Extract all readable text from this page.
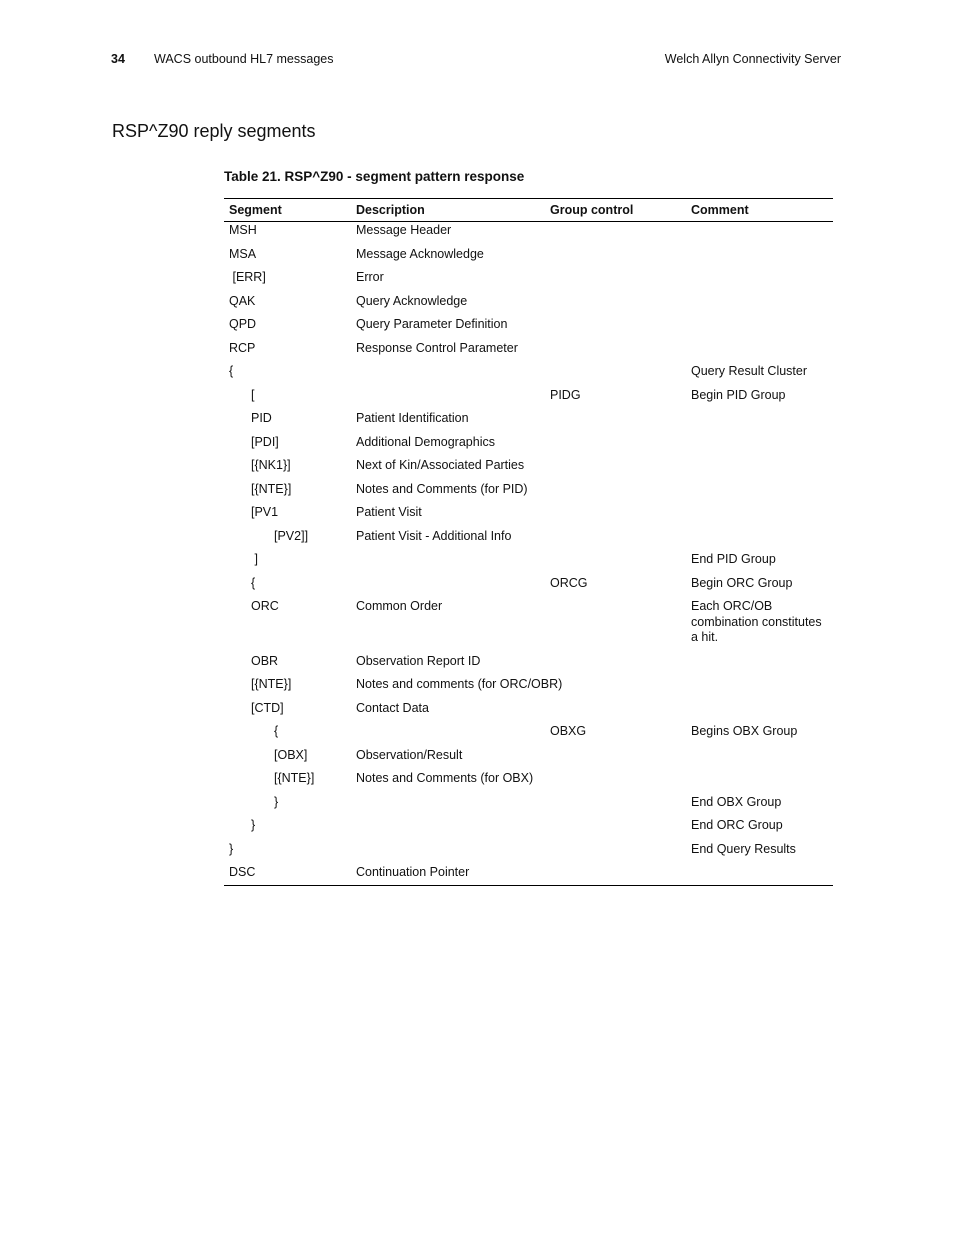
34 WACS outbound HL7 messages	Welch Allyn Connectivity Server
RSP^Z90 reply segments
Table 21. RSP^Z90 - segment pattern response
Segment	Description	Group control	Comment
MSH	Message Header		
MSA	Message Acknowledge		
[ERR]	Error		
QAK	Query Acknowledge		
QPD	Query Parameter Definition		
RCP	Response Control Parameter		
{			Query Result Cluster
[		PIDG	Begin PID Group
PID	Patient Identification		
[PDI]	Additional Demographics		
[{NK1}]	Next of Kin/Associated Parties		
[{NTE}]	Notes and Comments (for PID)		
[PV1	Patient Visit		
[PV2]]	Patient Visit - Additional Info		
]			End PID Group
{		ORCG	Begin ORC Group
ORC	Common Order		Each ORC/OB combination constitutes a hit.
OBR	Observation Report ID		
[{NTE}]	Notes and comments (for ORC/OBR)		
[CTD]	Contact Data		
{		OBXG	Begins OBX Group
[OBX]	Observation/Result		
[{NTE}]	Notes and Comments (for OBX)		
}			End OBX Group
}			End ORC Group
}			End Query Results
DSC	Continuation Pointer		
